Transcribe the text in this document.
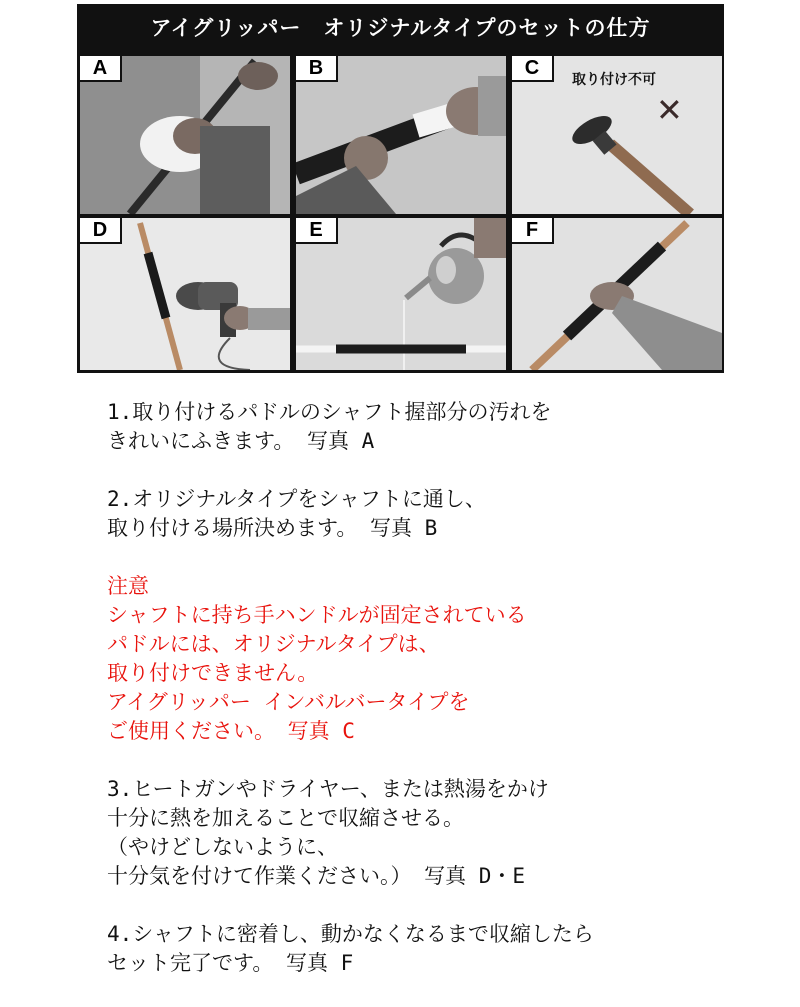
アイグリッパー　オリジナルタイプのセットの仕方
A	B	C
取り付け不可
✕
D	E	F
1.取り付けるパドルのシャフト握部分の汚れを
きれいにふきます。 写真 A
2.オリジナルタイプをシャフトに通し、
取り付ける場所決めます。 写真 B
注意
シャフトに持ち手ハンドルが固定されている
パドルには、オリジナルタイプは、
取り付けできません。
アイグリッパー インバルバータイプを
ご使用ください。 写真 C
3.ヒートガンやドライヤー、または熱湯をかけ
十分に熱を加えることで収縮させる。
（やけどしないように、
十分気を付けて作業ください。） 写真 D・E
4.シャフトに密着し、動かなくなるまで収縮したら
セット完了です。 写真 F
